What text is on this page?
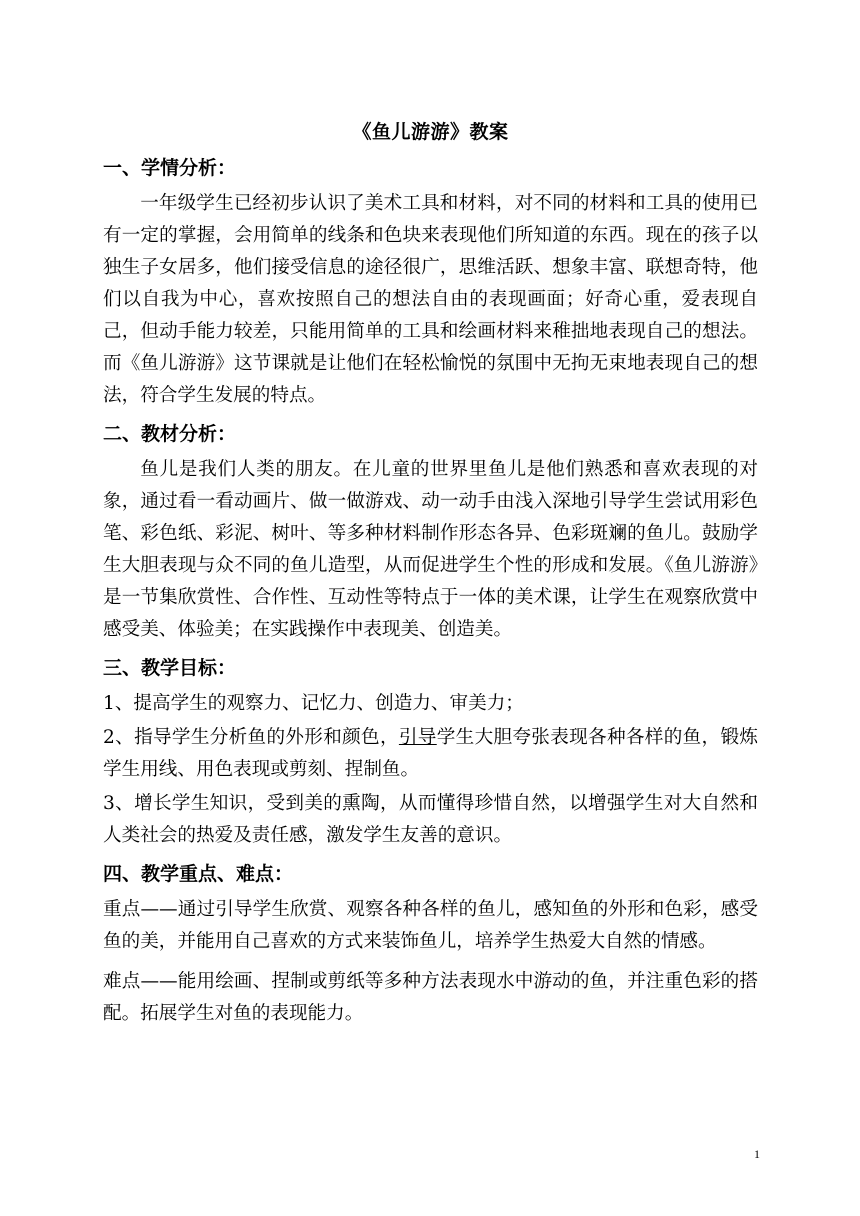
《鱼儿游游》教案
一、学情分析：

一年级学生已经初步认识了美术工具和材料，对不同的材料和工具的使用已有一定的掌握，会用简单的线条和色块来表现他们所知道的东西。现在的孩子以独生子女居多，他们接受信息的途径很广，思维活跃、想象丰富、联想奇特，他们以自我为中心，喜欢按照自己的想法自由的表现画面；好奇心重，爱表现自己，但动手能力较差，只能用简单的工具和绘画材料来稚拙地表现自己的想法。而《鱼儿游游》这节课就是让他们在轻松愉悦的氛围中无拘无束地表现自己的想法，符合学生发展的特点。

二、教材分析：

鱼儿是我们人类的朋友。在儿童的世界里鱼儿是他们熟悉和喜欢表现的对象，通过看一看动画片、做一做游戏、动一动手由浅入深地引导学生尝试用彩色笔、彩色纸、彩泥、树叶、等多种材料制作形态各异、色彩斑斓的鱼儿。鼓励学生大胆表现与众不同的鱼儿造型，从而促进学生个性的形成和发展。《鱼儿游游》是一节集欣赏性、合作性、互动性等特点于一体的美术课，让学生在观察欣赏中感受美、体验美；在实践操作中表现美、创造美。

三、教学目标：

1、提高学生的观察力、记忆力、创造力、审美力；

2、指导学生分析鱼的外形和颜色，引导学生大胆夸张表现各种各样的鱼，锻炼学生用线、用色表现或剪刻、捏制鱼。

3、增长学生知识，受到美的熏陶，从而懂得珍惜自然，以增强学生对大自然和人类社会的热爱及责任感，激发学生友善的意识。

四、教学重点、难点：

重点——通过引导学生欣赏、观察各种各样的鱼儿，感知鱼的外形和色彩，感受鱼的美，并能用自己喜欢的方式来装饰鱼儿，培养学生热爱大自然的情感。

难点——能用绘画、捏制或剪纸等多种方法表现水中游动的鱼，并注重色彩的搭配。拓展学生对鱼的表现能力。

1
